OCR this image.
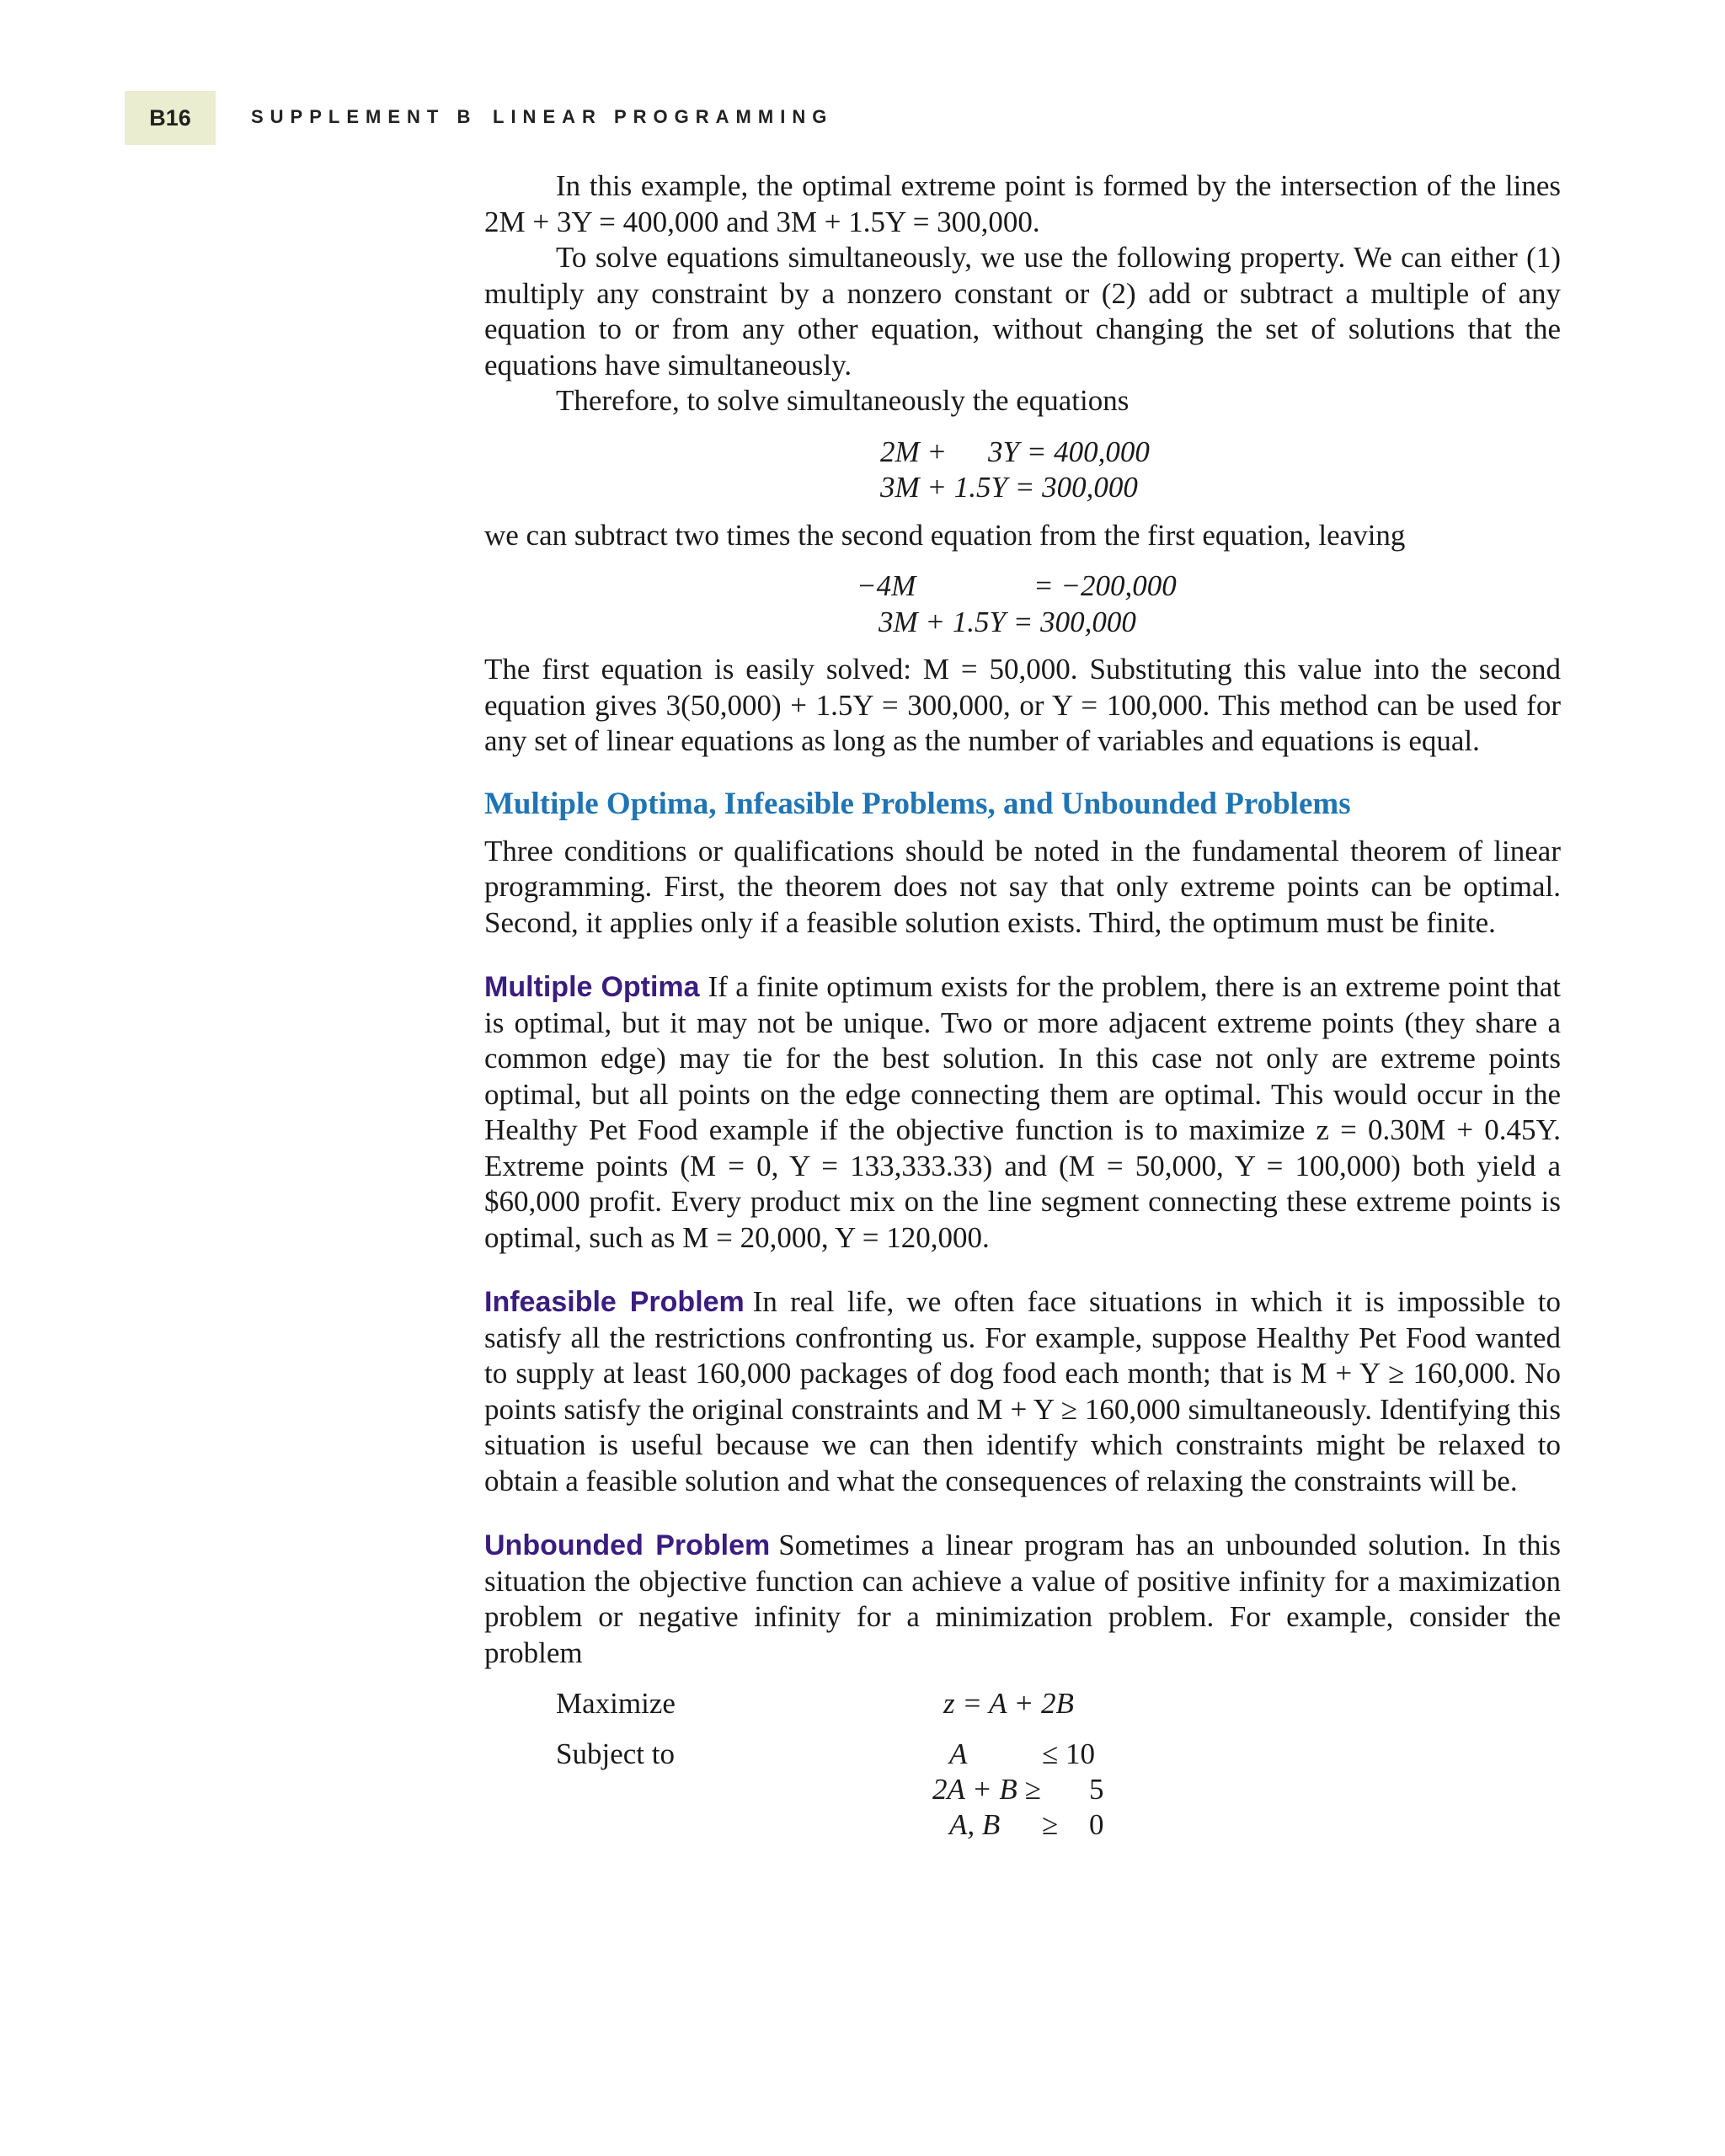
B16	SUPPLEMENT B LINEAR PROGRAMMING

In this example, the optimal extreme point is formed by the intersection of the lines 2M + 3Y = 400,000 and 3M + 1.5Y = 300,000.

To solve equations simultaneously, we use the following property. We can either (1) multiply any constraint by a nonzero constant or (2) add or subtract a multiple of any equation to or from any other equation, without changing the set of solutions that the equations have simultaneously.

Therefore, to solve simultaneously the equations

2M + 3Y = 400,000
3M + 1.5Y = 300,000

we can subtract two times the second equation from the first equation, leaving

−4M	= −200,000
3M + 1.5Y = 300,000

The first equation is easily solved: M = 50,000. Substituting this value into the second equation gives 3(50,000) + 1.5Y = 300,000, or Y = 100,000. This method can be used for any set of linear equations as long as the number of variables and equations is equal.

Multiple Optima, Infeasible Problems, and Unbounded Problems

Three conditions or qualifications should be noted in the fundamental theorem of linear programming. First, the theorem does not say that only extreme points can be optimal. Second, it applies only if a feasible solution exists. Third, the optimum must be finite.

Multiple Optima If a finite optimum exists for the problem, there is an extreme point that is optimal, but it may not be unique. Two or more adjacent extreme points (they share a common edge) may tie for the best solution. In this case not only are extreme points optimal, but all points on the edge connecting them are optimal. This would occur in the Healthy Pet Food example if the objective function is to maximize z = 0.30M + 0.45Y. Extreme points (M = 0, Y = 133,333.33) and (M = 50,000, Y = 100,000) both yield a $60,000 profit. Every product mix on the line segment connecting these extreme points is optimal, such as M = 20,000, Y = 120,000.

Infeasible Problem In real life, we often face situations in which it is impossible to satisfy all the restrictions confronting us. For example, suppose Healthy Pet Food wanted to supply at least 160,000 packages of dog food each month; that is M + Y ≥ 160,000. No points satisfy the original constraints and M + Y ≥ 160,000 simultaneously. Identifying this situation is useful because we can then identify which constraints might be relaxed to obtain a feasible solution and what the consequences of relaxing the constraints will be.

Unbounded Problem Sometimes a linear program has an unbounded solution. In this situation the objective function can achieve a value of positive infinity for a maximization problem or negative infinity for a minimization problem. For example, consider the problem

Maximize	z = A + 2B
Subject to	A	≤ 10
2A + B ≥ 5
A, B ≥ 0
